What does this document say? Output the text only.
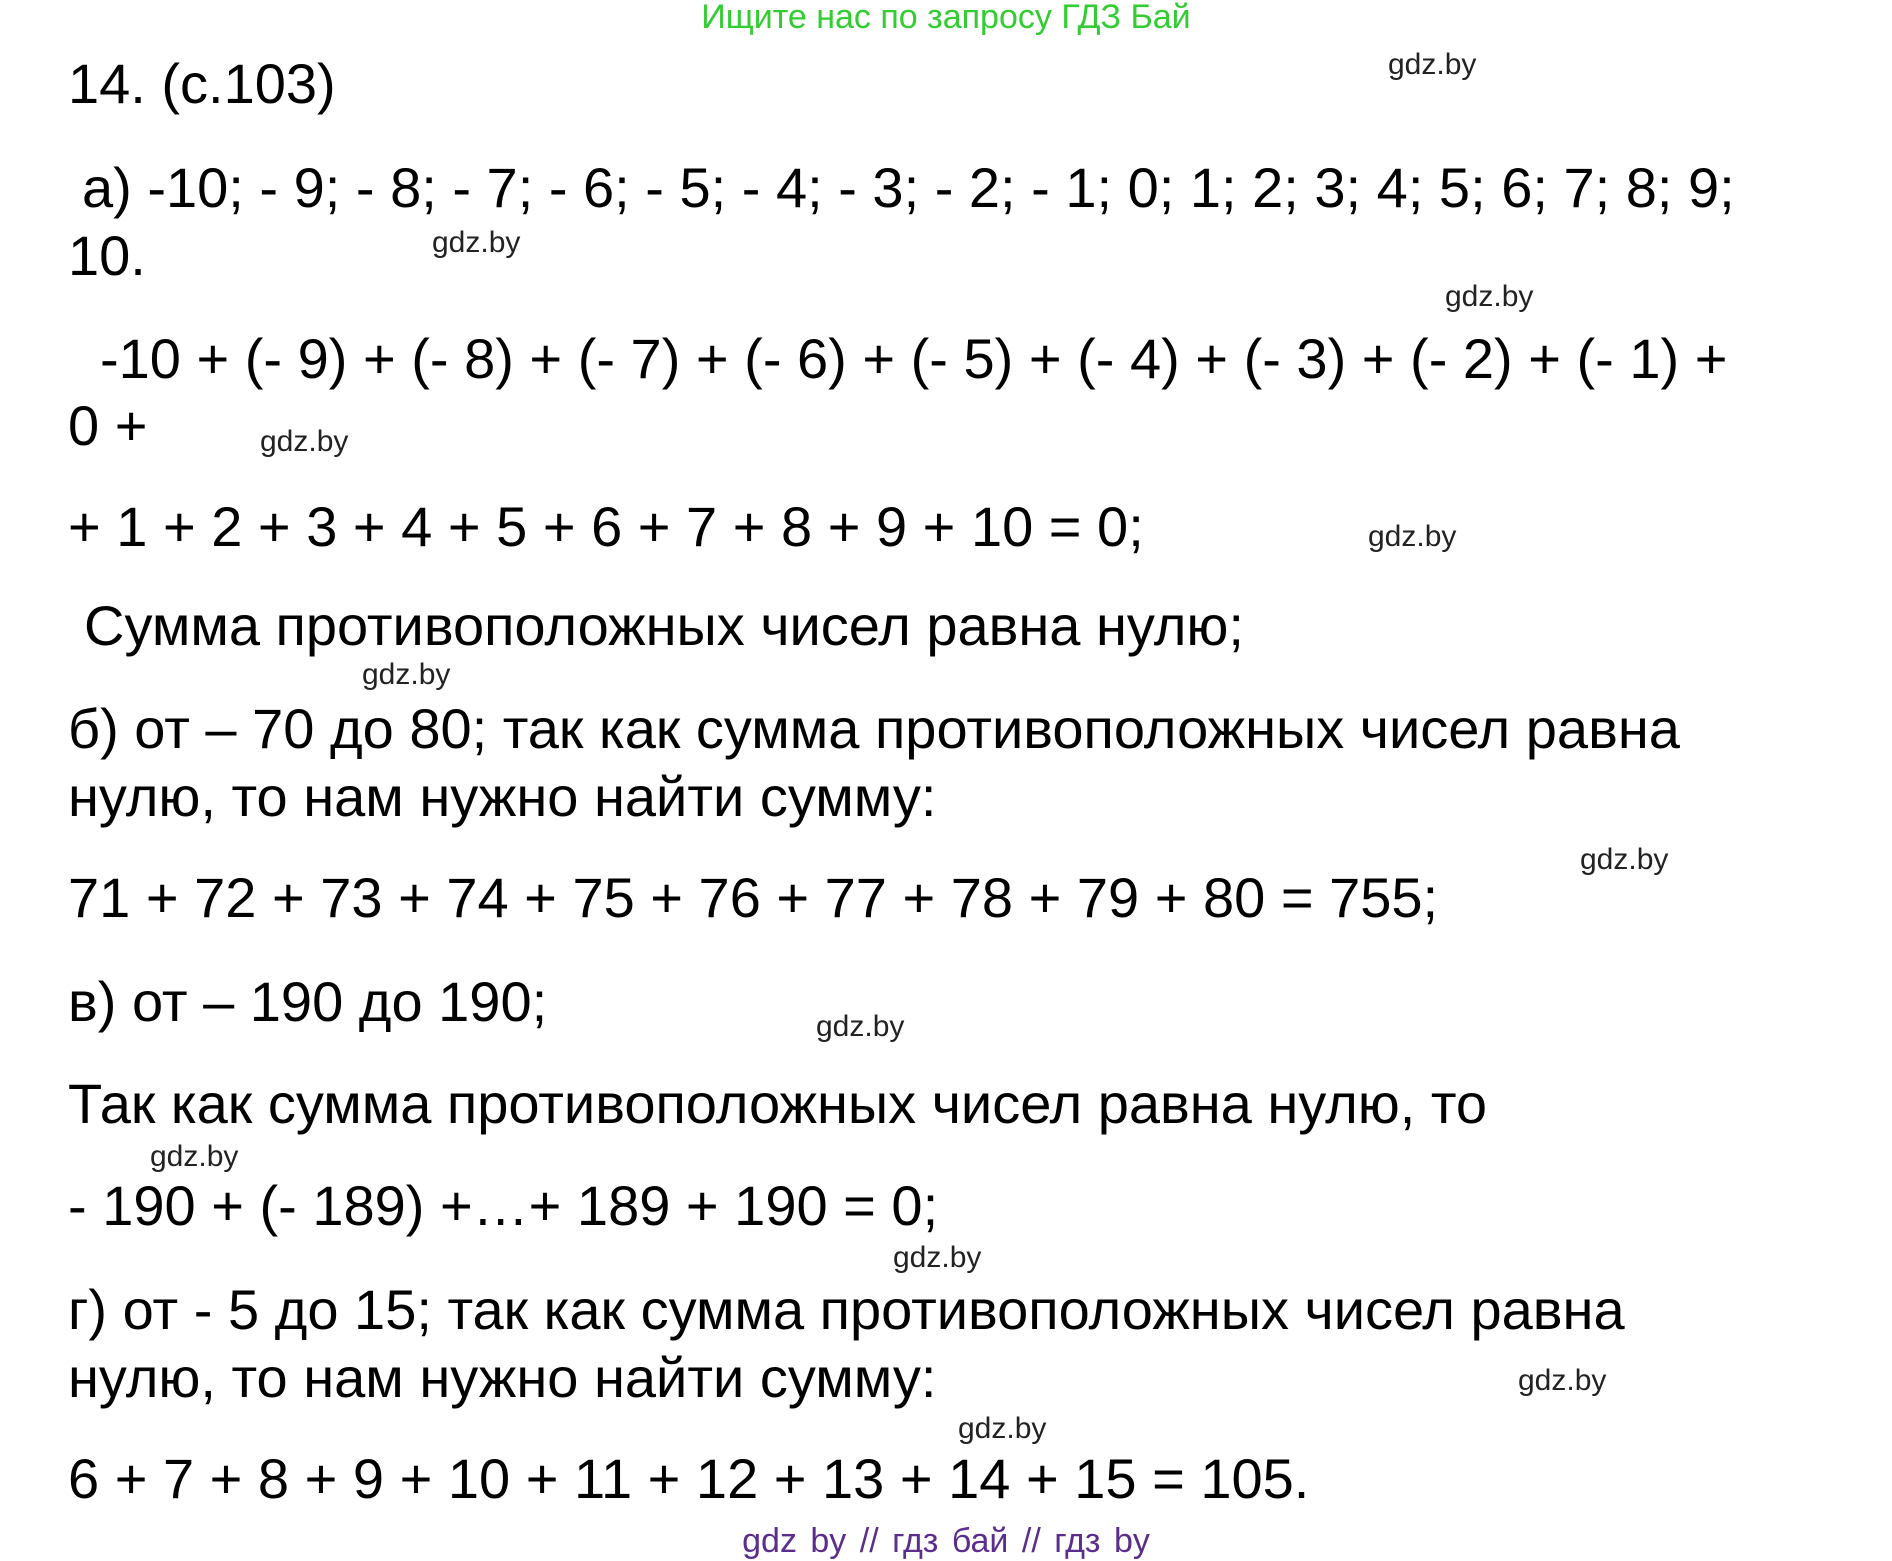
Ищите нас по запросу ГДЗ Бай
14. (с.103)
а) -10; - 9; - 8; - 7; - 6; - 5; - 4; - 3; - 2; - 1; 0; 1; 2; 3; 4; 5; 6; 7; 8; 9;
10.
-10 + (- 9) + (- 8) + (- 7) + (- 6) + (- 5) + (- 4) + (- 3) + (- 2) + (- 1) +
0 +
+ 1 + 2 + 3 + 4 + 5 + 6 + 7 + 8 + 9 + 10 = 0;
Сумма противоположных чисел равна нулю;
б) от – 70 до 80; так как сумма противоположных чисел равна
нулю, то нам нужно найти сумму:
71 + 72 + 73 + 74 + 75 + 76 + 77 + 78 + 79 + 80 = 755;
в) от – 190 до 190;
Так как сумма противоположных чисел равна нулю, то
- 190 + (- 189) +…+ 189 + 190 = 0;
г) от - 5 до 15; так как сумма противоположных чисел равна
нулю, то нам нужно найти сумму:
6 + 7 + 8 + 9 + 10 + 11 + 12 + 13 + 14 + 15 = 105.
gdz.by
gdz.by
gdz.by
gdz.by
gdz.by
gdz.by
gdz.by
gdz.by
gdz.by
gdz.by
gdz.by
gdz.by
gdz by // гдз бай // гдз by
